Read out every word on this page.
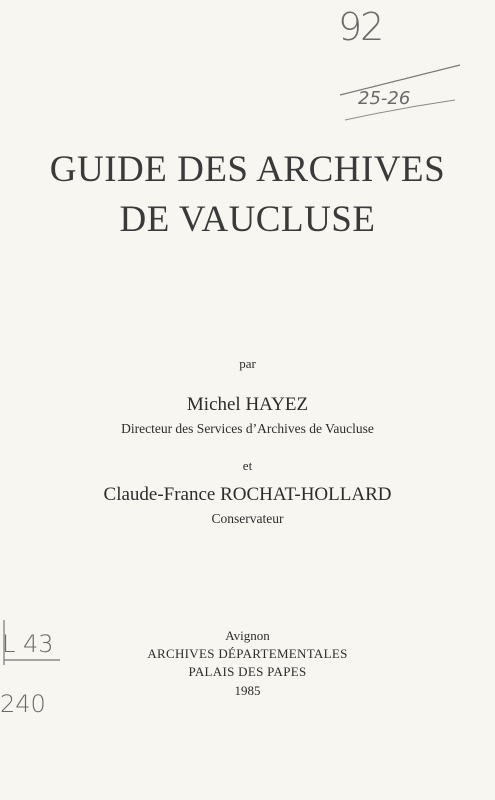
92
25-26
L 43
240
GUIDE DES ARCHIVES
DE VAUCLUSE
par
Michel HAYEZ
Directeur des Services d’Archives de Vaucluse
et
Claude-France ROCHAT-HOLLARD
Conservateur
Avignon
ARCHIVES DÉPARTEMENTALES
PALAIS DES PAPES
1985
